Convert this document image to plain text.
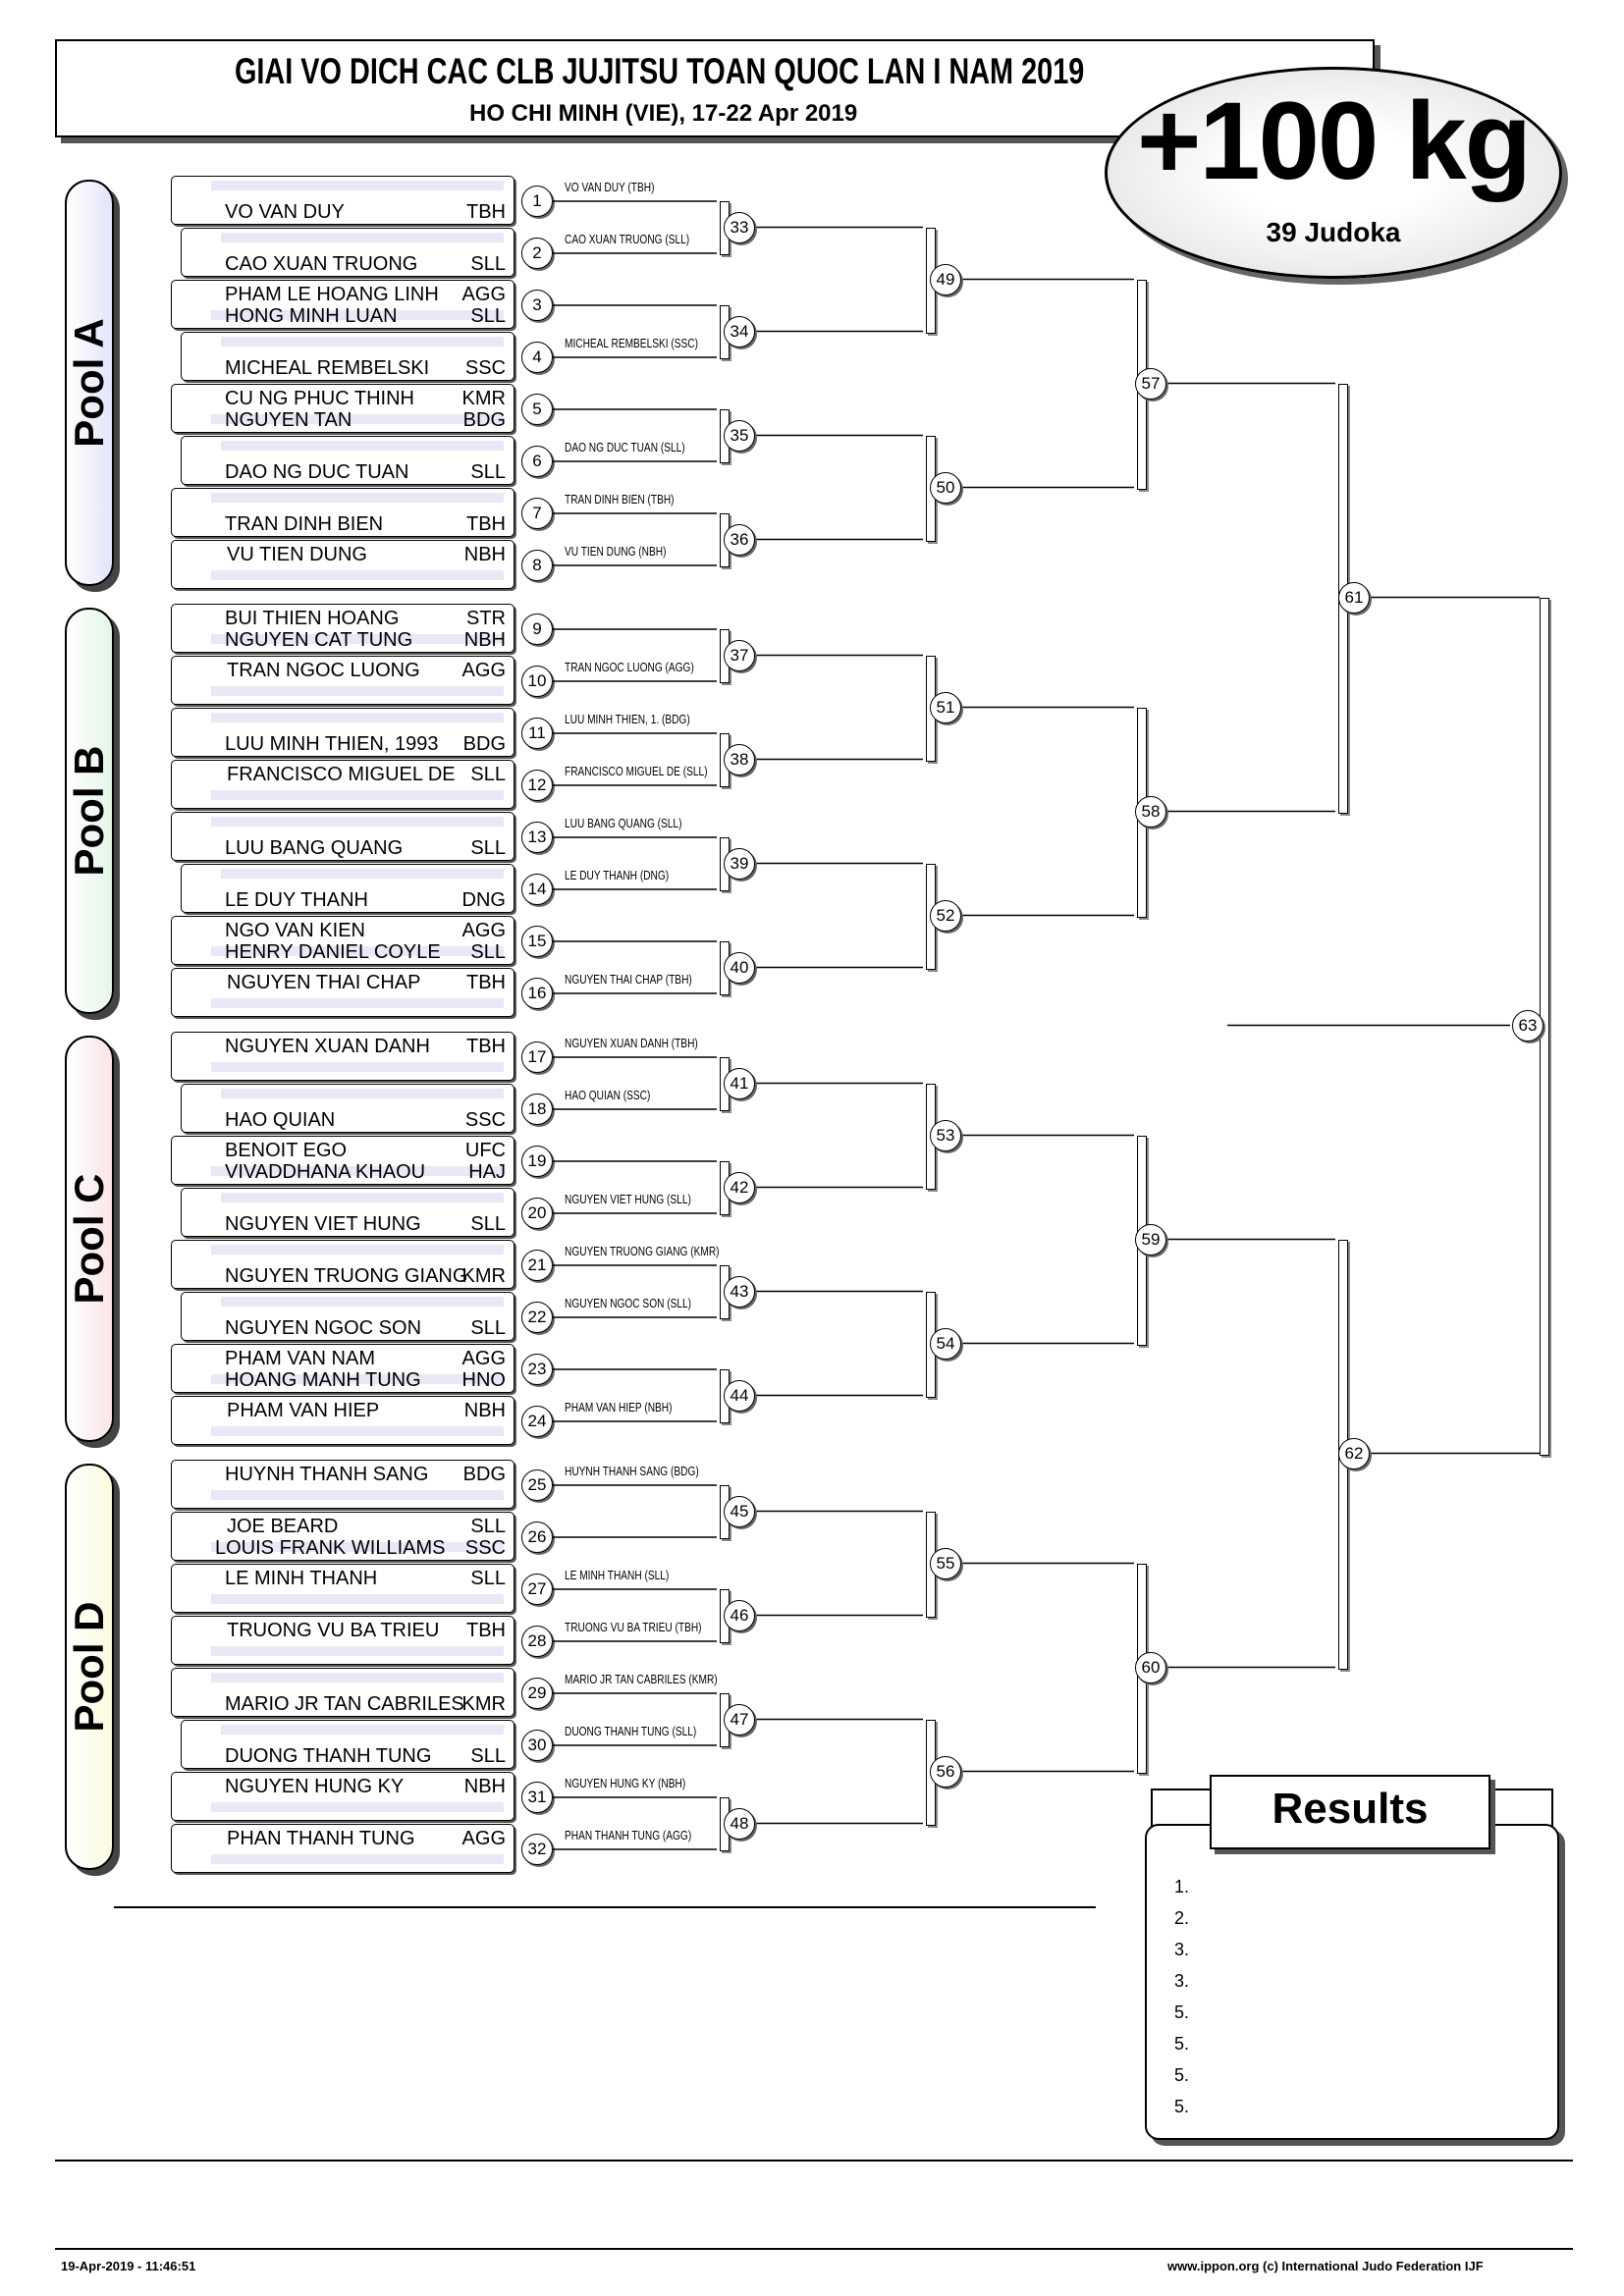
GIAI VO DICH CAC CLB JUJITSU TOAN QUOC LAN I NAM 2019
HO CHI MINH (VIE), 17-22 Apr 2019	+100 kg
39 Judoka
Pool A
Pool B
Pool C
Pool D
VO VAN DUY	TBH
1
VO VAN DUY (TBH)
CAO XUAN TRUONG	SLL
2
CAO XUAN TRUONG (SLL)
PHAM LE HOANG LINH AGG
HONG MINH LUAN	SLL
3
MICHEAL REMBELSKI SSC
4
MICHEAL REMBELSKI (SSC)
CU NG PHUC THINH KMR
NGUYEN TAN	BDG
5
DAO NG DUC TUAN	SLL
6
DAO NG DUC TUAN (SLL)
TRAN DINH BIEN	TBH
7
TRAN DINH BIEN (TBH)
VU TIEN DUNG	NBH	8
VU TIEN DUNG (NBH)
BUI THIEN HOANG	STR
NGUYEN CAT TUNG	NBH
9
TRAN NGOC LUONG AGG	10
TRAN NGOC LUONG (AGG)
LUU MINH THIEN, 1993 BDG
11
LUU MINH THIEN, 1. (BDG)
FRANCISCO MIGUEL DE SLL	12
FRANCISCO MIGUEL DE (SLL)
LUU BANG QUANG	SLL
13
LUU BANG QUANG (SLL)
LE DUY THANH	DNG
14
LE DUY THANH (DNG)
NGO VAN KIEN	AGG
HENRY DANIEL COYLE SLL
15
NGUYEN THAI CHAP TBH	16
NGUYEN THAI CHAP (TBH)
NGUYEN XUAN DANH TBH	17
NGUYEN XUAN DANH (TBH)
HAO QUIAN	SSC
18
HAO QUIAN (SSC)
BENOIT EGO	UFC
VIVADDHANA KHAOU HAJ
19
NGUYEN VIET HUNG	SLL
20
NGUYEN VIET HUNG (SLL)
NGUYEN TRUONG GIANG
KMR
21
NGUYEN TRUONG GIANG (KMR)
NGUYEN NGOC SON	SLL
22
NGUYEN NGOC SON (SLL)
PHAM VAN NAM	AGG
HOANG MANH TUNG HNO
23
PHAM VAN HIEP	NBH	24
PHAM VAN HIEP (NBH)
HUYNH THANH SANG BDG	25
HUYNH THANH SANG (BDG)
JOE BEARD	SLL
LOUIS FRANK WILLIAMS SSC
26
LE MINH THANH	SLL	27
LE MINH THANH (SLL)
TRUONG VU BA TRIEU TBH	28
TRUONG VU BA TRIEU (TBH)
MARIO JR TAN CABRILES
KMR
29
MARIO JR TAN CABRILES (KMR)
DUONG THANH TUNG SLL
30
DUONG THANH TUNG (SLL)
NGUYEN HUNG KY	NBH	31
NGUYEN HUNG KY (NBH)
PHAN THANH TUNG AGG	32
PHAN THANH TUNG (AGG)
33
34
35
36
37
38
39
40
41
42
43
44
45
46
47
48
49
50
51
52
53
54
55
56
57
58
59
60
61
62
63
Results
1.
2.
3.
3.
5.
5.
5.
5.
19-Apr-2019 - 11:46:51	www.ippon.org (c) International Judo Federation IJF
